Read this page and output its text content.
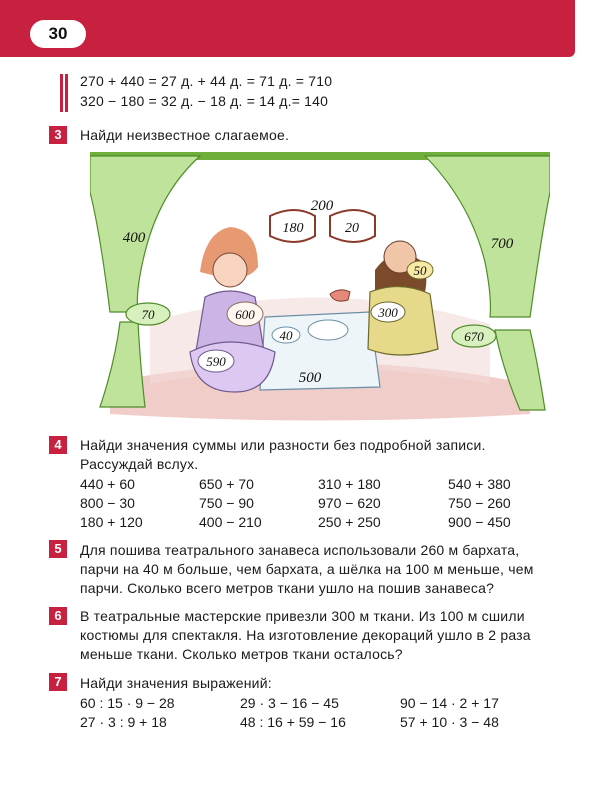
30
270 + 440 = 27 д. + 44 д. = 71 д. = 710
320 − 180 = 32 д. − 18 д. = 14 д.= 140
3	Найди неизвестное слагаемое.
70
670
400	700
200
180	20
40
500
600
590
50
300
4	Найди значения суммы или разности без подробной записи.
Рассуждай вслух.
440 + 60	650 + 70	310 + 180	540 + 380
800 − 30	750 − 90	970 − 620	750 − 260
180 + 120	400 − 210	250 + 250	900 − 450
5	Для пошива театрального занавеса использовали 260 м бархата,
парчи на 40 м больше, чем бархата, а шёлка на 100 м меньше, чем
парчи. Сколько всего метров ткани ушло на пошив занавеса?
6	В театральные мастерские привезли 300 м ткани. Из 100 м сшили
костюмы для спектакля. На изготовление декораций ушло в 2 раза
меньше ткани. Сколько метров ткани осталось?
7	Найди значения выражений:
60 : 15 · 9 − 28	29 · 3 − 16 − 45	90 − 14 · 2 + 17
27 · 3 : 9 + 18	48 : 16 + 59 − 16	57 + 10 · 3 − 48
